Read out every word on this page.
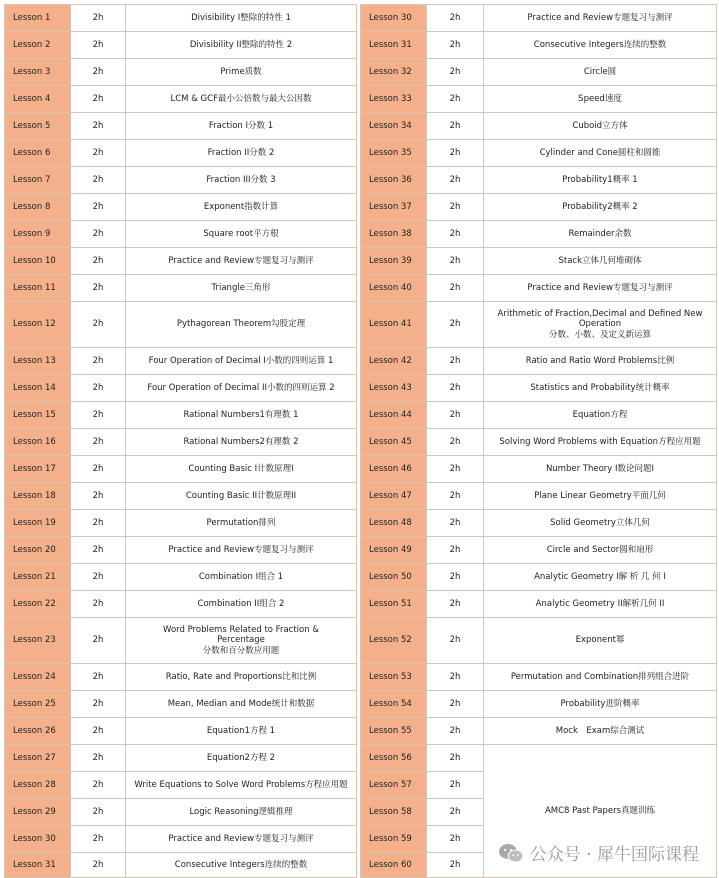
Lesson 1	2h	Divisibility I整除的特性 1

Lesson 2	2h	Divisibility II整除的特性 2

Lesson 3	2h	Prime质数

Lesson 4	2h	LCM & GCF最小公倍数与最大公因数

Lesson 5	2h	Fraction I分数 1

Lesson 6	2h	Fraction II分数 2

Lesson 7	2h	Fraction III分数 3

Lesson 8	2h	Exponent指数计算

Lesson 9	2h	Square root平方根

Lesson 10	2h	Practice and Review专题复习与测评

Lesson 11	2h	Triangle三角形

Lesson 12	2h	Pythagorean Theorem勾股定理

Lesson 13	2h	Four Operation of Decimal I小数的四则运算 1

Lesson 14	2h	Four Operation of Decimal II小数的四则运算 2

Lesson 15	2h	Rational Numbers1有理数 1

Lesson 16	2h	Rational Numbers2有理数 2

Lesson 17	2h	Counting Basic I计数原理I

Lesson 18	2h	Counting Basic II计数原理II

Lesson 19	2h	Permutation排列

Lesson 20	2h	Practice and Review专题复习与测评

Lesson 21	2h	Combination I组合 1

Lesson 22	2h	Combination II组合 2

Lesson 23	2h	Word Problems Related to Fraction &
Percentage
分数和百分数应用题

Lesson 24	2h	Ratio, Rate and Proportions比和比例

Lesson 25	2h	Mean, Median and Mode统计和数据

Lesson 26	2h	Equation1方程 1

Lesson 27	2h	Equation2方程 2

Lesson 28	2h	Write Equations to Solve Word Problems方程应用题

Lesson 29	2h	Logic Reasoning逻辑推理

Lesson 30	2h	Practice and Review专题复习与测评

Lesson 31	2h	Consecutive Integers连续的整数
Lesson 30	2h	Practice and Review专题复习与测评

Lesson 31	2h	Consecutive Integers连续的整数

Lesson 32	2h	Circle圆

Lesson 33	2h	Speed速度

Lesson 34	2h	Cuboid立方体

Lesson 35	2h	Cylinder and Cone圆柱和圆锥

Lesson 36	2h	Probability1概率 1

Lesson 37	2h	Probability2概率 2

Lesson 38	2h	Remainder余数

Lesson 39	2h	Stack立体几何堆砌体

Lesson 40	2h	Practice and Review专题复习与测评

Lesson 41	2h	Arithmetic of Fraction,Decimal and Defined New
Operation
分数、小数、及定义新运算

Lesson 42	2h	Ratio and Ratio Word Problems比例

Lesson 43	2h	Statistics and Probability统计概率

Lesson 44	2h	Equation方程

Lesson 45	2h	Solving Word Problems with Equation方程应用题

Lesson 46	2h	Number Theory I数论问题I

Lesson 47	2h	Plane Linear Geometry平面几何

Lesson 48	2h	Solid Geometry立体几何

Lesson 49	2h	Circle and Sector圆和扇形

Lesson 50	2h	Analytic Geometry I解 析 几 何 I

Lesson 51	2h	Analytic Geometry II解析几何 II

Lesson 52	2h	Exponent幂

Lesson 53	2h	Permutation and Combination排列组合进阶

Lesson 54	2h	Probability进阶概率

Lesson 55	2h	Mock　Exam综合测试

Lesson 56	2h	AMC8 Past Papers真题训练

Lesson 57	2h	
Lesson 58	2h	
Lesson 59	2h	
Lesson 60	2h		公众号 · 犀牛国际课程
